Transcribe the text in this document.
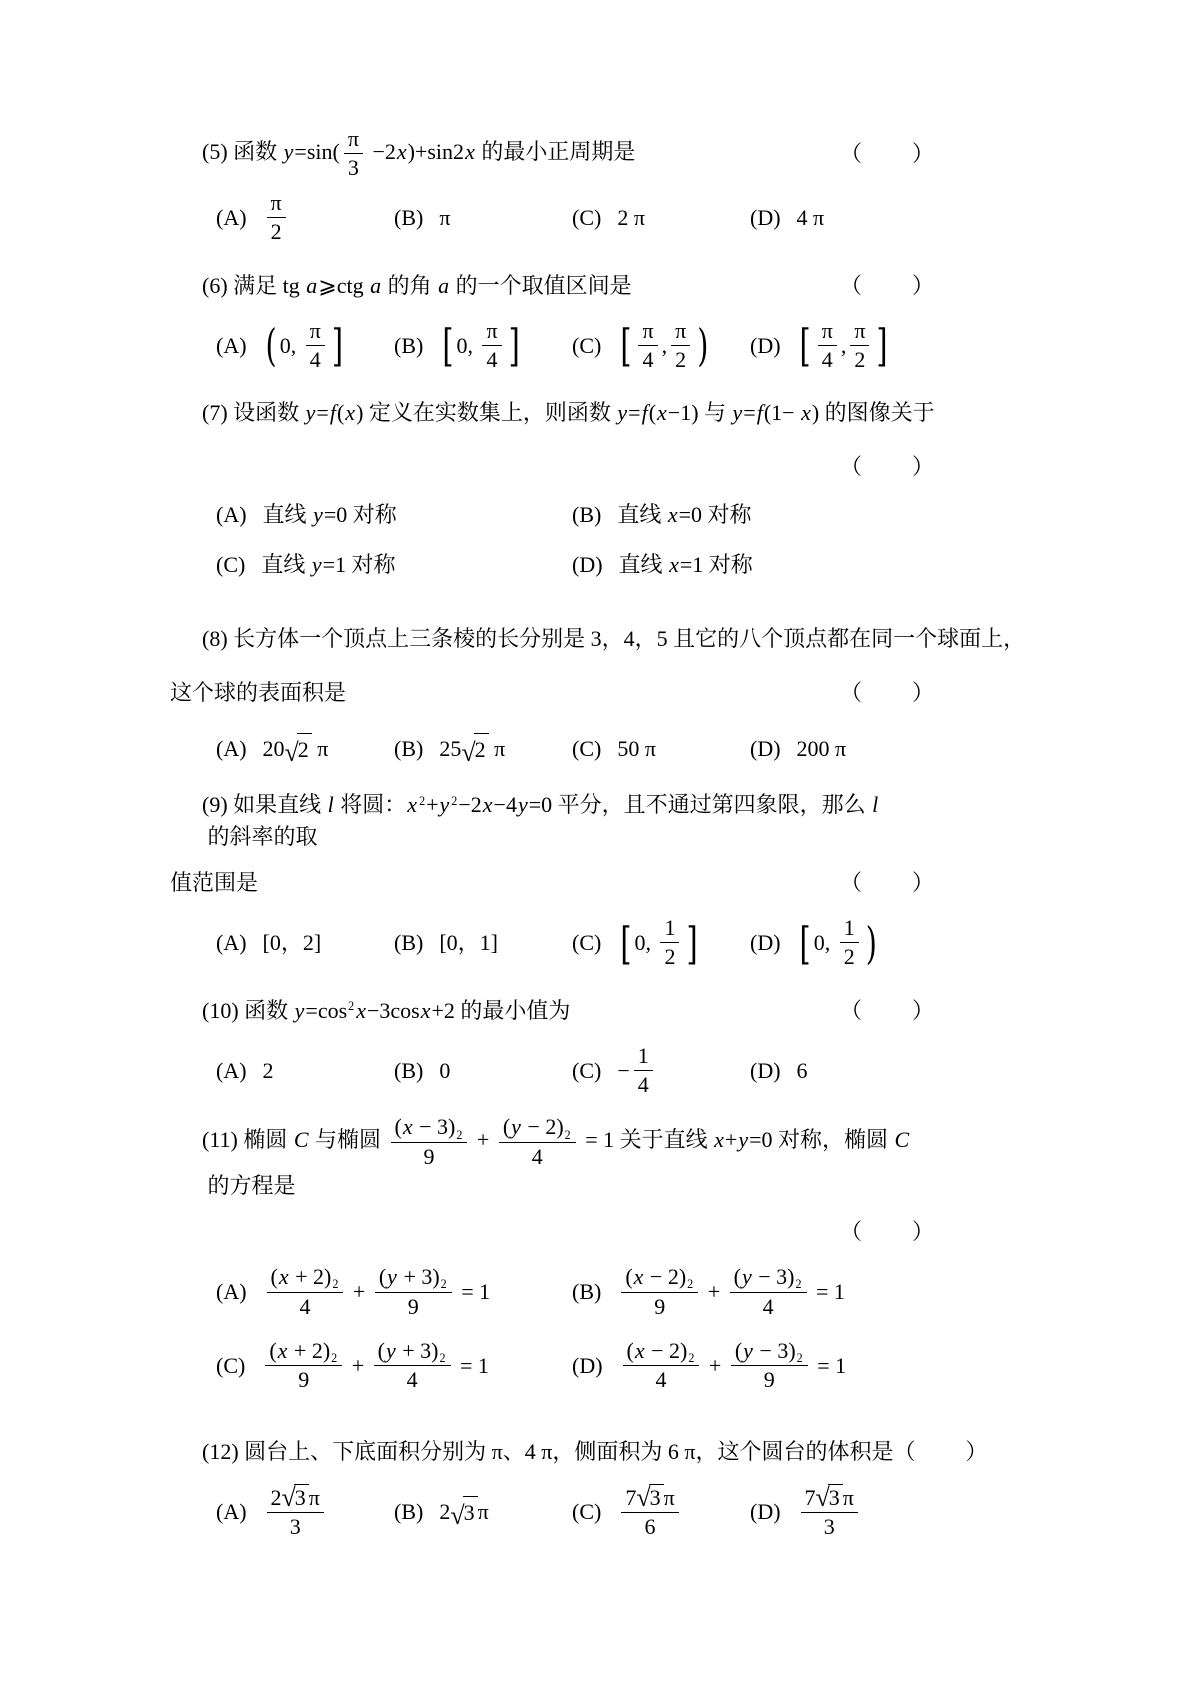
(5) 函数 $y=\sin( \frac{\pi}{3} -2x)+\sin 2x$ 的最小正周期是	（　　）
$(A) \frac{\pi}{2}$	(B) π	(C) 2 π	(D) 4 π
(6) 满足 tg a⩾ctg a 的角 a 的一个取值区间是	（　　）
(A) ( 0, $\frac{\pi}{4}$ ] (B) [ 0, $\frac{\pi}{4}$ ] (C) [ $\frac{\pi}{4}$ , $\frac{\pi}{2}$ ) (D) [ $\frac{\pi}{4}$ , $\frac{\pi}{2}$ ]
(7) 设函数 y=f(x) 定义在实数集上，则函数 y=f(x−1) 与 y=f(1− x) 的图像关于
（　　）
(A) 直线 y =0 对称	(B) 直线 x =0 对称
(C) 直线 y =1 对称	(D) 直线 x =1 对称
(8) 长方体一个顶点上三条棱的长分别是 3，4，5 且它的八个顶点都在同一个球面上，
这个球的表面积是	（　　）
(A) 20 √ 2 π	(B) 25 √ 2 π	(C) 50 π	(D) 200 π
(9) 如果直线 l 将圆：x $^2$+y $^2$−2x−4y=0 平分，且不通过第四象限，那么 l 的斜率的取
值范围是	（　　）
(A) [0，2]	(B) [0，1]	(C) [ 0, $\frac{1}{2}$ ] (D) [ 0, $\frac{1}{2}$ )
(10) 函数 $y=\cos^2x-3\cos x+2$ 的最小值为	（　　）
(A) 2	(B) 0	$(C) - \frac{1}{4}$	(D) 6
(11) 椭圆 C 与椭圆 $\frac{( x - 3) 2}{9} + \frac{( y - 2) 2}{4} = 1$ 关于直线 x+y=0 对称，椭圆 C 的方程是
（　　）
$(A) \frac{( x + 2) 2}{4} + \frac{( y + 3) 2}{9} = 1$	$(B) \frac{( x - 2) 2}{9} + \frac{( y - 3) 2}{4} = 1$
$(C) \frac{( x + 2) 2}{9} + \frac{( y + 3) 2}{4} = 1$	$(D) \frac{( x - 2) 2}{4} + \frac{( y - 3) 2}{9} = 1$
(12) 圆台上、下底面积分别为 π、4 π，侧面积为 6 π，这个圆台的体积是 （　　）
$(A) \frac{2 √ 3 \pi}{3}$	(B) 2 √ 3 π	$(C) \frac{7 √ 3 \pi}{6}$	$(D) \frac{7 √ 3 \pi}{3}$
